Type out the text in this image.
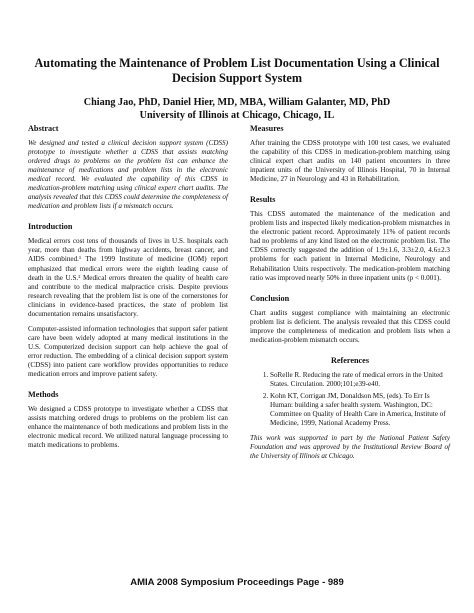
Automating the Maintenance of Problem List Documentation Using a Clinical Decision Support System
Chiang Jao, PhD, Daniel Hier, MD, MBA, William Galanter, MD, PhD
University of Illinois at Chicago, Chicago, IL
Abstract

We designed and tested a clinical decision support system (CDSS) prototype to investigate whether a CDSS that assists matching ordered drugs to problems on the problem list can enhance the maintenance of medications and problem lists in the electronic medical record. We evaluated the capability of this CDSS in medication-problem matching using clinical expert chart audits. The analysis revealed that this CDSS could determine the completeness of medication and problem lists if a mismatch occurs.

Introduction

Medical errors cost tens of thousands of lives in U.S. hospitals each year, more than deaths from highway accidents, breast cancer, and AIDS combined.¹ The 1999 Institute of medicine (IOM) report emphasized that medical errors were the eighth leading cause of death in the U.S.² Medical errors threaten the quality of health care and contribute to the medical malpractice crisis. Despite previous research revealing that the problem list is one of the cornerstones for clinicians in evidence-based practices, the state of problem list documentation remains unsatisfactory.

Computer-assisted information technologies that support safer patient care have been widely adopted at many medical institutions in the U.S. Computerized decision support can help achieve the goal of error reduction. The embedding of a clinical decision support system (CDSS) into patient care workflow provides opportunities to reduce medication errors and improve patient safety.

Methods

We designed a CDSS prototype to investigate whether a CDSS that assists matching ordered drugs to problems on the problem list can enhance the maintenance of both medications and problem lists in the electronic medical record. We utilized natural language processing to match medications to problems.

Measures

After training the CDSS prototype with 100 test cases, we evaluated the capability of this CDSS in medication-problem matching using clinical expert chart audits on 140 patient encounters in three inpatient units of the University of Illinois Hospital, 70 in Internal Medicine, 27 in Neurology and 43 in Rehabilitation.

Results

This CDSS automated the maintenance of the medication and problem lists and inspected likely medication-problem mismatches in the electronic patient record. Approximately 11% of patient records had no problems of any kind listed on the electronic problem list. The CDSS correctly suggested the addition of 1.9±1.6, 3.3±2.0, 4.6±2.3 problems for each patient in Internal Medicine, Neurology and Rehabilitation Units respectively. The medication-problem matching ratio was improved nearly 50% in three inpatient units (p < 0.001).

Conclusion

Chart audits suggest compliance with maintaining an electronic problem list is deficient. The analysis revealed that this CDSS could improve the completeness of medication and problem lists when a medication-problem mismatch occurs.

References
1. SoRelle R. Reducing the rate of medical errors in the United States. Circulation. 2000;101;e39-e40.
2. Kohn KT, Corrigan JM, Donaldson MS, (eds). To Err Is Human: building a safer health system. Washington, DC: Committee on Quality of Health Care in America, Institute of Medicine, 1999, National Academy Press.

This work was supported in part by the National Patient Safety Foundation and was approved by the Institutional Review Board of the University of Illinois at Chicago.

AMIA 2008 Symposium Proceedings Page - 989
